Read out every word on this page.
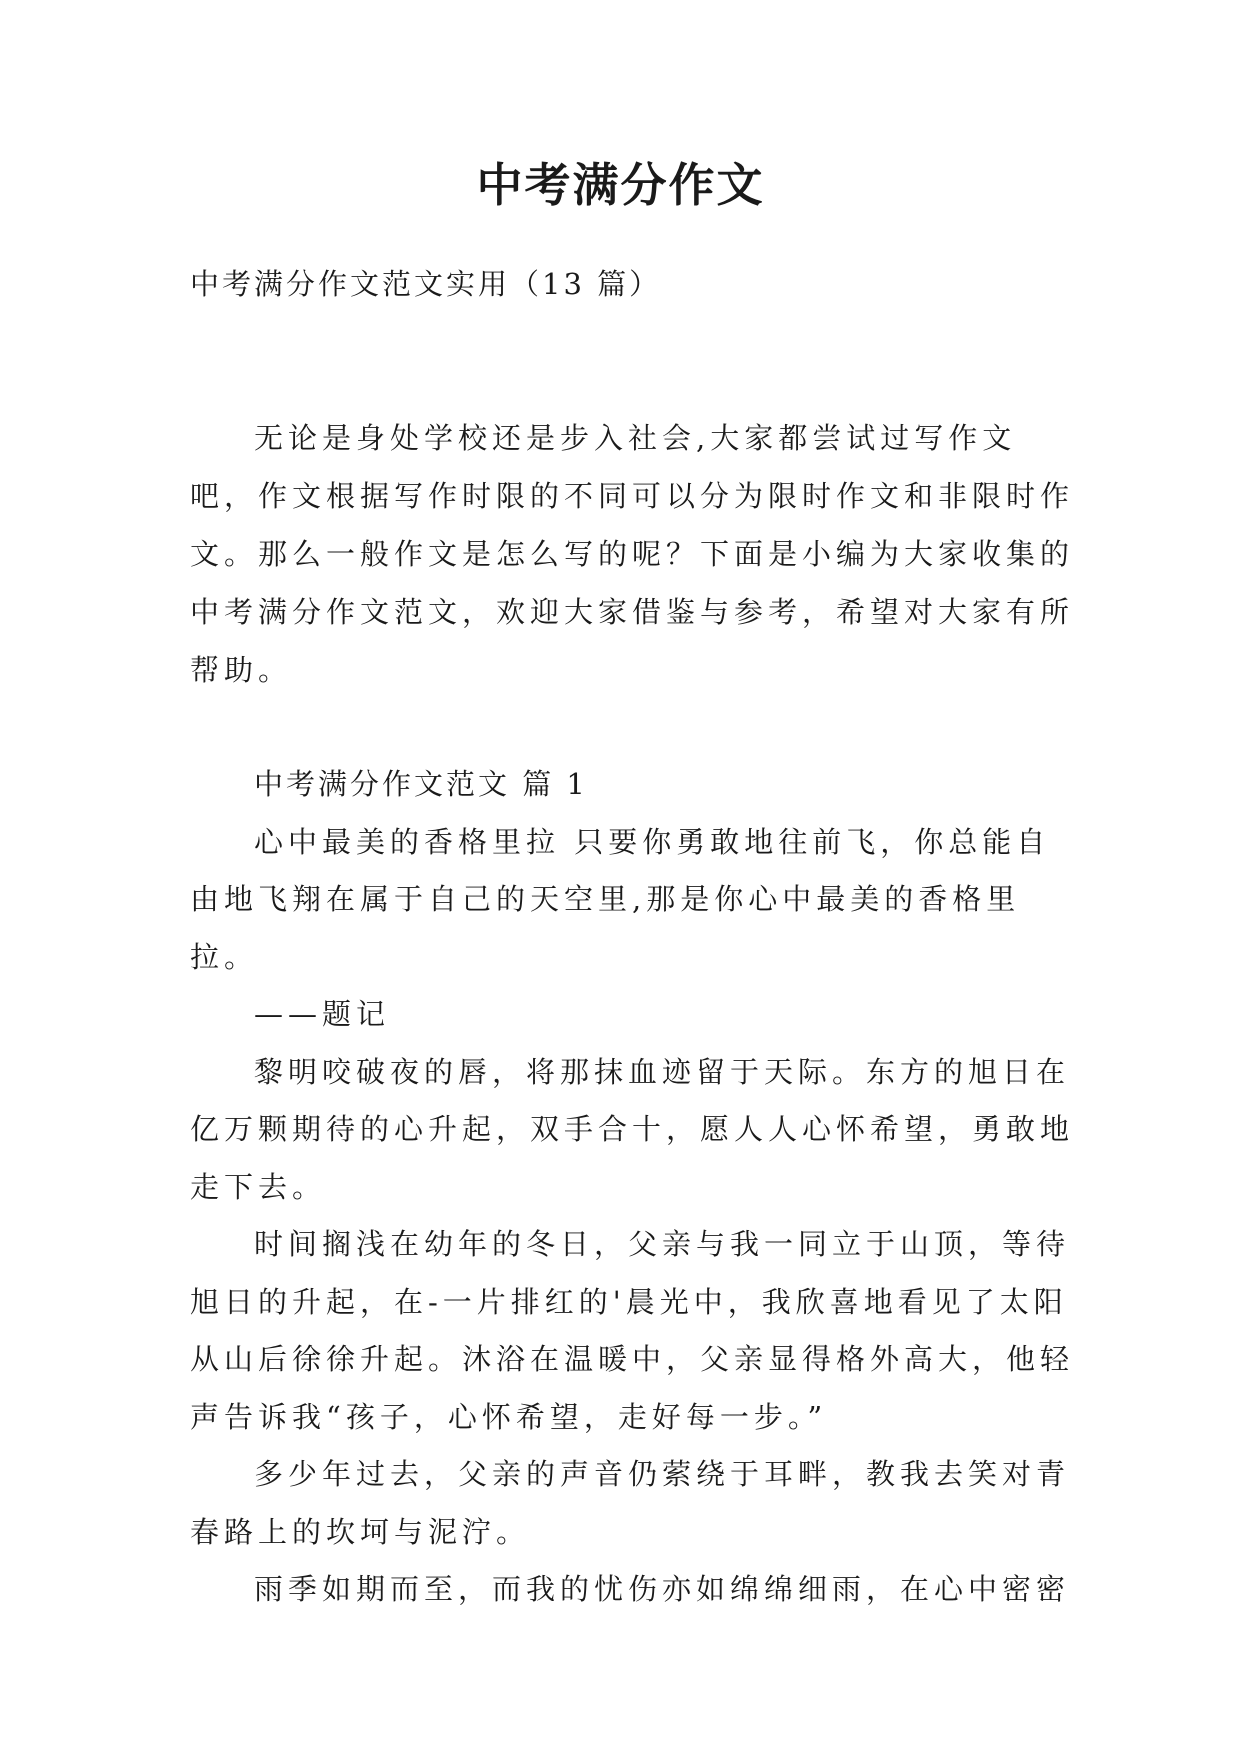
中考满分作文

中考满分作文范文实用（13 篇）

无论是身处学校还是步入社会,大家都尝试过写作文吧，作文根据写作时限的不同可以分为限时作文和非限时作文。那么一般作文是怎么写的呢？下面是小编为大家收集的中考满分作文范文，欢迎大家借鉴与参考，希望对大家有所帮助。

中考满分作文范文 篇 1

心中最美的香格里拉 只要你勇敢地往前飞，你总能自由地飞翔在属于自己的天空里,那是你心中最美的香格里拉。

——题记

黎明咬破夜的唇，将那抹血迹留于天际。东方的旭日在亿万颗期待的心升起，双手合十，愿人人心怀希望，勇敢地走下去。

时间搁浅在幼年的冬日，父亲与我一同立于山顶，等待旭日的升起，在-一片排红的'晨光中，我欣喜地看见了太阳从山后徐徐升起。沐浴在温暖中，父亲显得格外高大，他轻声告诉我“孩子，心怀希望，走好每一步。”

多少年过去，父亲的声音仍萦绕于耳畔，教我去笑对青春路上的坎坷与泥泞。

雨季如期而至，而我的忧伤亦如绵绵细雨，在心中密密
